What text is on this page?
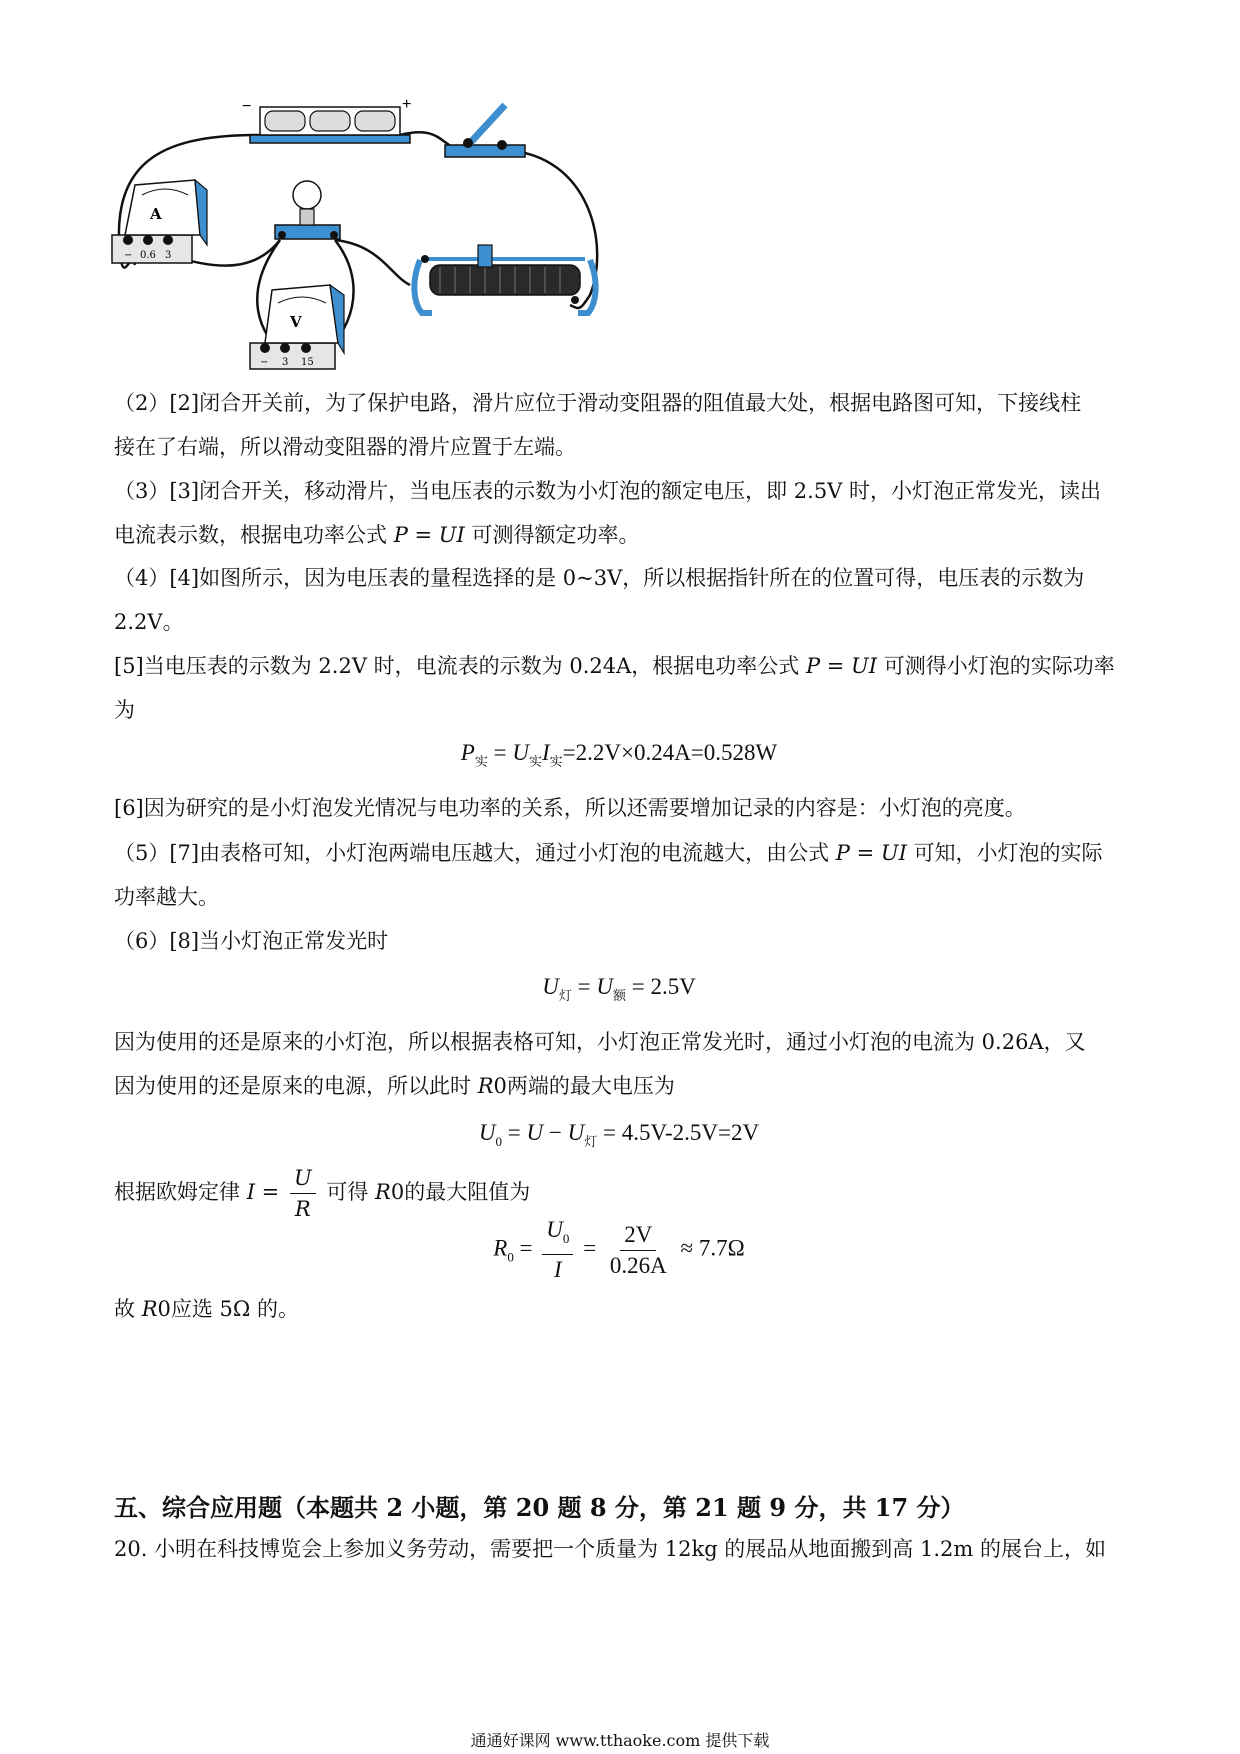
−	+
A
− 0.6 3
V
− 3 15
（2）[2]闭合开关前，为了保护电路，滑片应位于滑动变阻器的阻值最大处，根据电路图可知，下接线柱
接在了右端，所以滑动变阻器的滑片应置于左端。
（3）[3]闭合开关，移动滑片，当电压表的示数为小灯泡的额定电压，即 2.5V 时，小灯泡正常发光，读出
电流表示数，根据电功率公式 P = UI 可测得额定功率。
（4）[4]如图所示，因为电压表的量程选择的是 0~3V，所以根据指针所在的位置可得，电压表的示数为
2.2V。
[5]当电压表的示数为 2.2V 时，电流表的示数为 0.24A，根据电功率公式 P = UI 可测得小灯泡的实际功率
为
$P_实 = U_实I_实=2.2V\times 0.24A=0.528W$
[6]因为研究的是小灯泡发光情况与电功率的关系，所以还需要增加记录的内容是：小灯泡的亮度。
（5）[7]由表格可知，小灯泡两端电压越大，通过小灯泡的电流越大，由公式 P = UI 可知，小灯泡的实际
功率越大。
（6）[8]当小灯泡正常发光时
$U_灯 = U_额 = 2.5V$
因为使用的还是原来的小灯泡，所以根据表格可知，小灯泡正常发光时，通过小灯泡的电流为 0.26A，又
因为使用的还是原来的电源，所以此时 R0两端的最大电压为
$U_0 = U - U_灯 = 4.5V-2.5V=2V$
根据欧姆定律 $I = \frac{U}{R}$ 可得 R0的最大阻值为
$R_0 = \frac{U_0}{I} = \frac{2V}{0.26A} \approx 7.7\Omega$
故 R0应选 5Ω 的。
五、综合应用题（本题共 2 小题，第 20 题 8 分，第 21 题 9 分，共 17 分）
20. 小明在科技博览会上参加义务劳动，需要把一个质量为 12kg 的展品从地面搬到高 1.2m 的展台上，如
通通好课网 www.tthaoke.com 提供下载
